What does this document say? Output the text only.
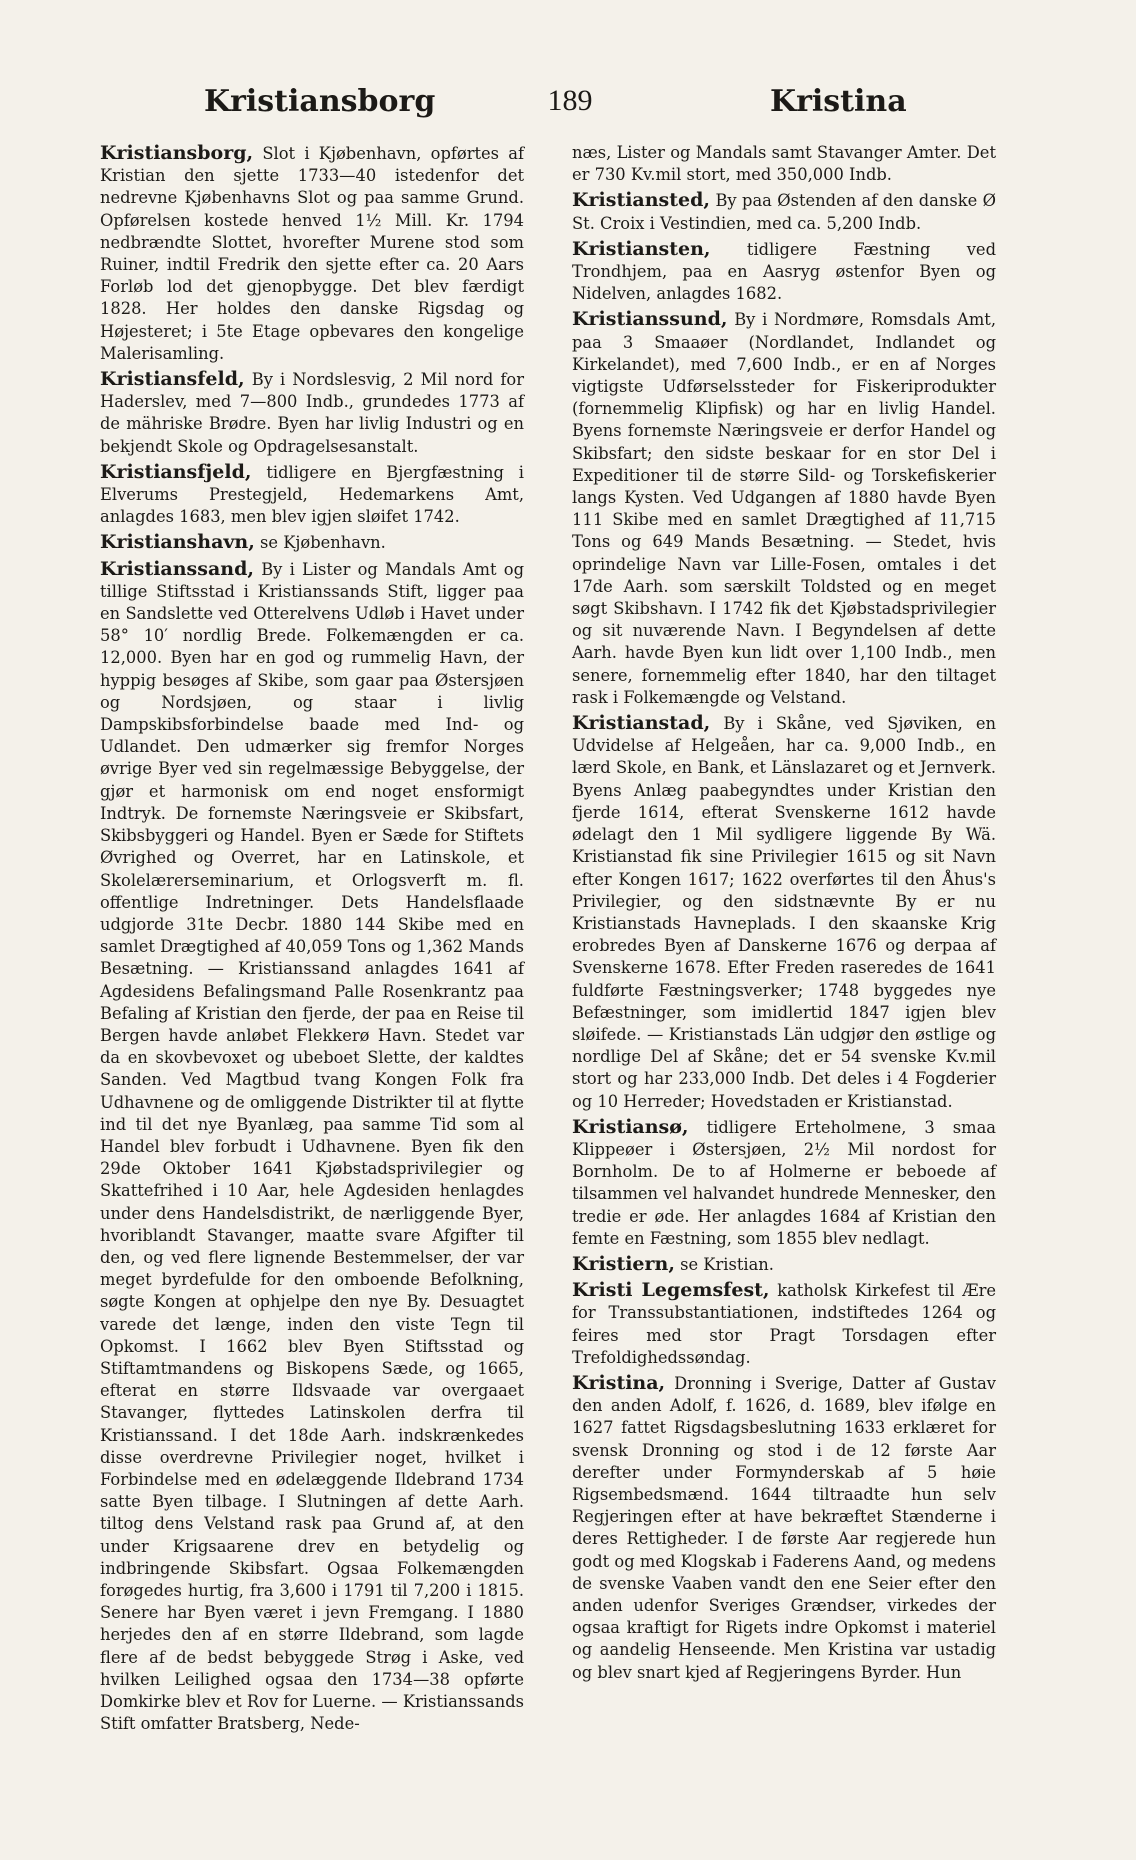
Kristiansborg	189	Kristina

Kristiansborg, Slot i Kjøbenhavn, opførtes af Kristian den sjette 1733—40 istedenfor det nedrevne Kjøbenhavns Slot og paa samme Grund. Opførelsen kostede henved 1½ Mill. Kr. 1794 nedbrændte Slottet, hvorefter Murene stod som Ruiner, indtil Fredrik den sjette efter ca. 20 Aars Forløb lod det gjenopbygge. Det blev færdigt 1828. Her holdes den danske Rigsdag og Højesteret; i 5te Etage opbevares den kongelige Malerisamling.

Kristiansfeld, By i Nordslesvig, 2 Mil nord for Haderslev, med 7—800 Indb., grundedes 1773 af de mähriske Brødre. Byen har livlig Industri og en bekjendt Skole og Opdragelsesanstalt.

Kristiansfjeld, tidligere en Bjergfæstning i Elverums Prestegjeld, Hedemarkens Amt, anlagdes 1683, men blev igjen sløifet 1742.

Kristianshavn, se Kjøbenhavn.

Kristianssand, By i Lister og Mandals Amt og tillige Stiftsstad i Kristianssands Stift, ligger paa en Sandslette ved Otterelvens Udløb i Havet under 58° 10′ nordlig Brede. Folkemængden er ca. 12,000. Byen har en god og rummelig Havn, der hyppig besøges af Skibe, som gaar paa Østersjøen og Nordsjøen, og staar i livlig Dampskibsforbindelse baade med Ind- og Udlandet. Den udmærker sig fremfor Norges øvrige Byer ved sin regelmæssige Bebyggelse, der gjør et harmonisk om end noget ensformigt Indtryk. De fornemste Næringsveie er Skibsfart, Skibsbyggeri og Handel. Byen er Sæde for Stiftets Øvrighed og Overret, har en Latinskole, et Skolelærerseminarium, et Orlogsverft m. fl. offentlige Indretninger. Dets Handelsflaade udgjorde 31te Decbr. 1880 144 Skibe med en samlet Drægtighed af 40,059 Tons og 1,362 Mands Besætning. — Kristianssand anlagdes 1641 af Agdesidens Befalingsmand Palle Rosenkrantz paa Befaling af Kristian den fjerde, der paa en Reise til Bergen havde anløbet Flekkerø Havn. Stedet var da en skovbevoxet og ubeboet Slette, der kaldtes Sanden. Ved Magtbud tvang Kongen Folk fra Udhavnene og de omliggende Distrikter til at flytte ind til det nye Byanlæg, paa samme Tid som al Handel blev forbudt i Udhavnene. Byen fik den 29de Oktober 1641 Kjøbstadsprivilegier og Skattefrihed i 10 Aar, hele Agdesiden henlagdes under dens Handelsdistrikt, de nærliggende Byer, hvoriblandt Stavanger, maatte svare Afgifter til den, og ved flere lignende Bestemmelser, der var meget byrdefulde for den omboende Befolkning, søgte Kongen at ophjelpe den nye By. Desuagtet varede det længe, inden den viste Tegn til Opkomst. I 1662 blev Byen Stiftsstad og Stiftamtmandens og Biskopens Sæde, og 1665, efterat en større Ildsvaade var overgaaet Stavanger, flyttedes Latinskolen derfra til Kristianssand. I det 18de Aarh. indskrænkedes disse overdrevne Privilegier noget, hvilket i Forbindelse med en ødelæggende Ildebrand 1734 satte Byen tilbage. I Slutningen af dette Aarh. tiltog dens Velstand rask paa Grund af, at den under Krigsaarene drev en betydelig og indbringende Skibsfart. Ogsaa Folkemængden forøgedes hurtig, fra 3,600 i 1791 til 7,200 i 1815. Senere har Byen været i jevn Fremgang. I 1880 herjedes den af en større Ildebrand, som lagde flere af de bedst bebyggede Strøg i Aske, ved hvilken Leilighed ogsaa den 1734—38 opførte Domkirke blev et Rov for Luerne. — Kristianssands Stift omfatter Bratsberg, Nede-

næs, Lister og Mandals samt Stavanger Amter. Det er 730 Kv.mil stort, med 350,000 Indb.

Kristiansted, By paa Østenden af den danske Ø St. Croix i Vestindien, med ca. 5,200 Indb.

Kristiansten, tidligere Fæstning ved Trondhjem, paa en Aasryg østenfor Byen og Nidelven, anlagdes 1682.

Kristianssund, By i Nordmøre, Romsdals Amt, paa 3 Smaaøer (Nordlandet, Indlandet og Kirkelandet), med 7,600 Indb., er en af Norges vigtigste Udførselssteder for Fiskeriprodukter (fornemmelig Klipfisk) og har en livlig Handel. Byens fornemste Næringsveie er derfor Handel og Skibsfart; den sidste beskaar for en stor Del i Expeditioner til de større Sild- og Torskefiskerier langs Kysten. Ved Udgangen af 1880 havde Byen 111 Skibe med en samlet Drægtighed af 11,715 Tons og 649 Mands Besætning. — Stedet, hvis oprindelige Navn var Lille-Fosen, omtales i det 17de Aarh. som særskilt Toldsted og en meget søgt Skibshavn. I 1742 fik det Kjøbstadsprivilegier og sit nuværende Navn. I Begyndelsen af dette Aarh. havde Byen kun lidt over 1,100 Indb., men senere, fornemmelig efter 1840, har den tiltaget rask i Folkemængde og Velstand.

Kristianstad, By i Skåne, ved Sjøviken, en Udvidelse af Helgeåen, har ca. 9,000 Indb., en lærd Skole, en Bank, et Länslazaret og et Jernverk. Byens Anlæg paabegyndtes under Kristian den fjerde 1614, efterat Svenskerne 1612 havde ødelagt den 1 Mil sydligere liggende By Wä. Kristianstad fik sine Privilegier 1615 og sit Navn efter Kongen 1617; 1622 overførtes til den Åhus's Privilegier, og den sidstnævnte By er nu Kristianstads Havneplads. I den skaanske Krig erobredes Byen af Danskerne 1676 og derpaa af Svenskerne 1678. Efter Freden raseredes de 1641 fuldførte Fæstningsverker; 1748 byggedes nye Befæstninger, som imidlertid 1847 igjen blev sløifede. — Kristianstads Län udgjør den østlige og nordlige Del af Skåne; det er 54 svenske Kv.mil stort og har 233,000 Indb. Det deles i 4 Fogderier og 10 Herreder; Hovedstaden er Kristianstad.

Kristiansø, tidligere Erteholmene, 3 smaa Klippeøer i Østersjøen, 2½ Mil nordost for Bornholm. De to af Holmerne er beboede af tilsammen vel halvandet hundrede Mennesker, den tredie er øde. Her anlagdes 1684 af Kristian den femte en Fæstning, som 1855 blev nedlagt.

Kristiern, se Kristian.

Kristi Legemsfest, katholsk Kirkefest til Ære for Transsubstantiationen, indstiftedes 1264 og feires med stor Pragt Torsdagen efter Trefoldighedssøndag.

Kristina, Dronning i Sverige, Datter af Gustav den anden Adolf, f. 1626, d. 1689, blev ifølge en 1627 fattet Rigsdagsbeslutning 1633 erklæret for svensk Dronning og stod i de 12 første Aar derefter under Formynderskab af 5 høie Rigsembedsmænd. 1644 tiltraadte hun selv Regjeringen efter at have bekræftet Stænderne i deres Rettigheder. I de første Aar regjerede hun godt og med Klogskab i Faderens Aand, og medens de svenske Vaaben vandt den ene Seier efter den anden udenfor Sveriges Grændser, virkedes der ogsaa kraftigt for Rigets indre Opkomst i materiel og aandelig Henseende. Men Kristina var ustadig og blev snart kjed af Regjeringens Byrder. Hun
